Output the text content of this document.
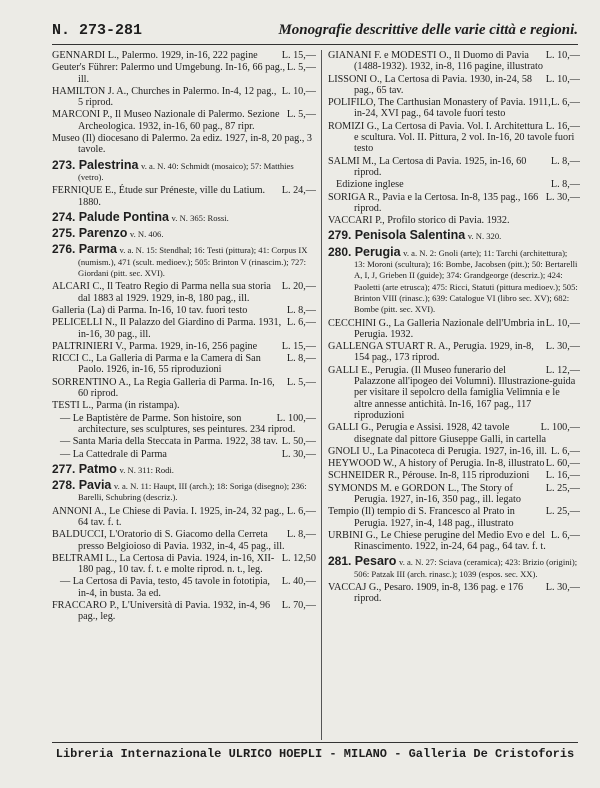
N. 273-281	Monografie descrittive delle varie città e regioni.
L. 15,—
GENNARDI L., Palermo. 1929, in-16, 222 pagine
L. 5,—
Geuter's Führer: Palermo und Umgebung. In-16, 66 pag., ill.
L. 10,—
HAMILTON J. A., Churches in Palermo. In-4, 12 pag., 5 riprod.
L. 5,—
MARCONI P., Il Museo Nazionale di Palermo. Sezione Archeologica. 1932, in-16, 60 pag., 87 ripr.
Museo (Il) diocesano di Palermo. 2a ediz. 1927, in-8, 20 pag., 3 tavole.
273. Palestrina v. a. N. 40: Schmidt (mosaico); 57: Matthies (vetro).
L. 24,—
FERNIQUE E., Étude sur Préneste, ville du Latium. 1880.
274. Palude Pontina v. N. 365: Rossi.
275. Parenzo v. N. 406.
276. Parma v. a. N. 15: Stendhal; 16: Testi (pittura); 41: Corpus IX (numism.), 471 (scult. medioev.); 505: Brinton V (rinascim.); 727: Giordani (pitt. sec. XVI).
L. 20,—
ALCARI C., Il Teatro Regio di Parma nella sua storia dal 1883 al 1929. 1929, in-8, 180 pag., ill.
L. 8,—
Galleria (La) di Parma. In-16, 10 tav. fuori testo
L. 6,—
PELICELLI N., Il Palazzo del Giardino di Parma. 1931, in-16, 30 pag., ill.
L. 15,—
PALTRINIERI V., Parma. 1929, in-16, 256 pagine
L. 8,—
RICCI C., La Galleria di Parma e la Camera di San Paolo. 1926, in-16, 55 riproduzioni
L. 5,—
SORRENTINO A., La Regia Galleria di Parma. In-16, 60 riprod.
TESTI L., Parma (in ristampa).
L. 100,—
— Le Baptistère de Parme. Son histoire, son architecture, ses sculptures, ses peintures. 234 riprod.
L. 50,—
— Santa Maria della Steccata in Parma. 1922, 38 tav.
L. 30,—
— La Cattedrale di Parma
277. Patmo v. N. 311: Rodi.
278. Pavia v. a. N. 11: Haupt, III (arch.); 18: Soriga (disegno); 236: Barelli, Schubring (descriz.).
L. 6,—
ANNONI A., Le Chiese di Pavia. I. 1925, in-24, 32 pag., 64 tav. f. t.
L. 8,—
BALDUCCI, L'Oratorio di S. Giacomo della Cerreta presso Belgioioso di Pavia. 1932, in-4, 45 pag., ill.
L. 12,50
BELTRAMI L., La Certosa di Pavia. 1924, in-16, XII-180 pag., 10 tav. f. t. e molte riprod. n. t., leg.
L. 40,—
— La Certosa di Pavia, testo, 45 tavole in fototipia, in-4, in busta. 3a ed.
L. 70,—
FRACCARO P., L'Università di Pavia. 1932, in-4, 96 pag., leg.
L. 10,—
GIANANI F. e MODESTI O., Il Duomo di Pavia (1488-1932). 1932, in-8, 116 pagine, illustrato
L. 10,—
LISSONI O., La Certosa di Pavia. 1930, in-24, 58 pag., 65 tav.
L. 6,—
POLIFILO, The Carthusian Monastery of Pavia. 1911, in-24, XVI pag., 64 tavole fuori testo
L. 16,—
ROMIZI G., La Certosa di Pavia. Vol. I. Architettura e scultura. Vol. II. Pittura, 2 vol. In-16, 20 tavole fuori testo
L. 8,—
SALMI M., La Certosa di Pavia. 1925, in-16, 60 riprod.
L. 8,—
Edizione inglese
L. 30,—
SORIGA R., Pavia e la Certosa. In-8, 135 pag., 166 riprod.
VACCARI P., Profilo storico di Pavia. 1932.
279. Penisola Salentina v. N. 320.
280. Perugia v. a. N. 2: Gnoli (arte); 11: Tarchi (architettura); 13: Moroni (scultura); 16: Bombe, Jacobsen (pitt.); 50: Bertarelli A, I, J, Grieben II (guide); 374: Grandgeorge (descriz.); 424: Paoletti (arte etrusca); 475: Ricci, Statuti (pittura medioev.); 505: Brinton VIII (rinasc.); 639: Catalogue VI (libro sec. XV); 682: Bombe (pitt. sec. XVI).
L. 10,—
CECCHINI G., La Galleria Nazionale dell'Umbria in Perugia. 1932.
L. 30,—
GALLENGA STUART R. A., Perugia. 1929, in-8, 154 pag., 173 riprod.
L. 12,—
GALLI E., Perugia. (Il Museo funerario del Palazzone all'ipogeo dei Volumni). Illustrazione-guida per visitare il sepolcro della famiglia Velimnia e le altre annesse antichità. In-16, 167 pag., 117 riproduzioni
L. 100,—
GALLI G., Perugia e Assisi. 1928, 42 tavole disegnate dal pittore Giuseppe Galli, in cartella
L. 6,—
GNOLI U., La Pinacoteca di Perugia. 1927, in-16, ill.
L. 60,—
HEYWOOD W., A history of Perugia. In-8, illustrato
L. 16,—
SCHNEIDER R., Pérouse. In-8, 115 riproduzioni
L. 25,—
SYMONDS M. e GORDON L., The Story of Perugia. 1927, in-16, 350 pag., ill. legato
L. 25,—
Tempio (Il) tempio di S. Francesco al Prato in Perugia. 1927, in-4, 148 pag., illustrato
L. 6,—
URBINI G., Le Chiese perugine del Medio Evo e del Rinascimento. 1922, in-24, 64 pag., 64 tav. f. t.
281. Pesaro v. a. N. 27: Sciava (ceramica); 423: Brizio (origini); 506: Patzak III (arch. rinasc.); 1039 (espos. sec. XX).
L. 30,—
VACCAJ G., Pesaro. 1909, in-8, 136 pag. e 176 riprod.
Libreria Internazionale ULRICO HOEPLI - MILANO - Galleria De Cristoforis
